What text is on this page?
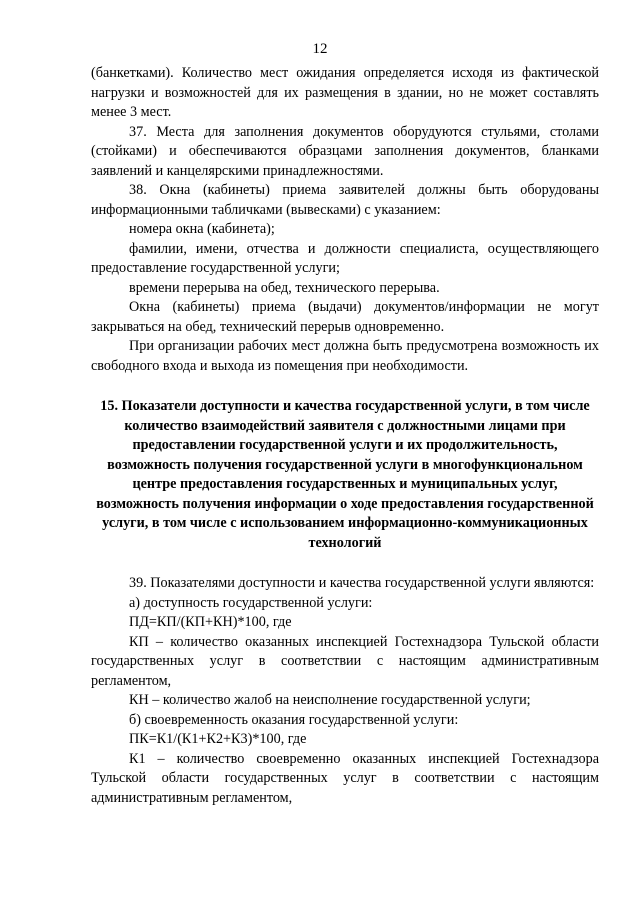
12

(банкетками). Количество мест ожидания определяется исходя из фактической нагрузки и возможностей для их размещения в здании, но не может составлять менее 3 мест.

37. Места для заполнения документов оборудуются стульями, столами (стойками) и обеспечиваются образцами заполнения документов, бланками заявлений и канцелярскими принадлежностями.

38. Окна (кабинеты) приема заявителей должны быть оборудованы информационными табличками (вывесками) с указанием:

номера окна (кабинета);

фамилии, имени, отчества и должности специалиста, осуществляющего предоставление государственной услуги;

времени перерыва на обед, технического перерыва.

Окна (кабинеты) приема (выдачи) документов/информации не могут закрываться на обед, технический перерыв одновременно.

При организации рабочих мест должна быть предусмотрена возможность их свободного входа и выхода из помещения при необходимости.

15. Показатели доступности и качества государственной услуги, в том числе количество взаимодействий заявителя с должностными лицами при предоставлении государственной услуги и их продолжительность, возможность получения государственной услуги в многофункциональном центре предоставления государственных и муниципальных услуг, возможность получения информации о ходе предоставления государственной услуги, в том числе с использованием информационно-коммуникационных технологий

39. Показателями доступности и качества государственной услуги являются:

а) доступность государственной услуги:

ПД=КП/(КП+КН)*100, где

КП – количество оказанных инспекцией Гостехнадзора Тульской области государственных услуг в соответствии с настоящим административным регламентом,

КН – количество жалоб на неисполнение государственной услуги;

б) своевременность оказания государственной услуги:

ПК=К1/(К1+К2+К3)*100, где

К1 – количество своевременно оказанных инспекцией Гостехнадзора Тульской области государственных услуг в соответствии с настоящим административным регламентом,
